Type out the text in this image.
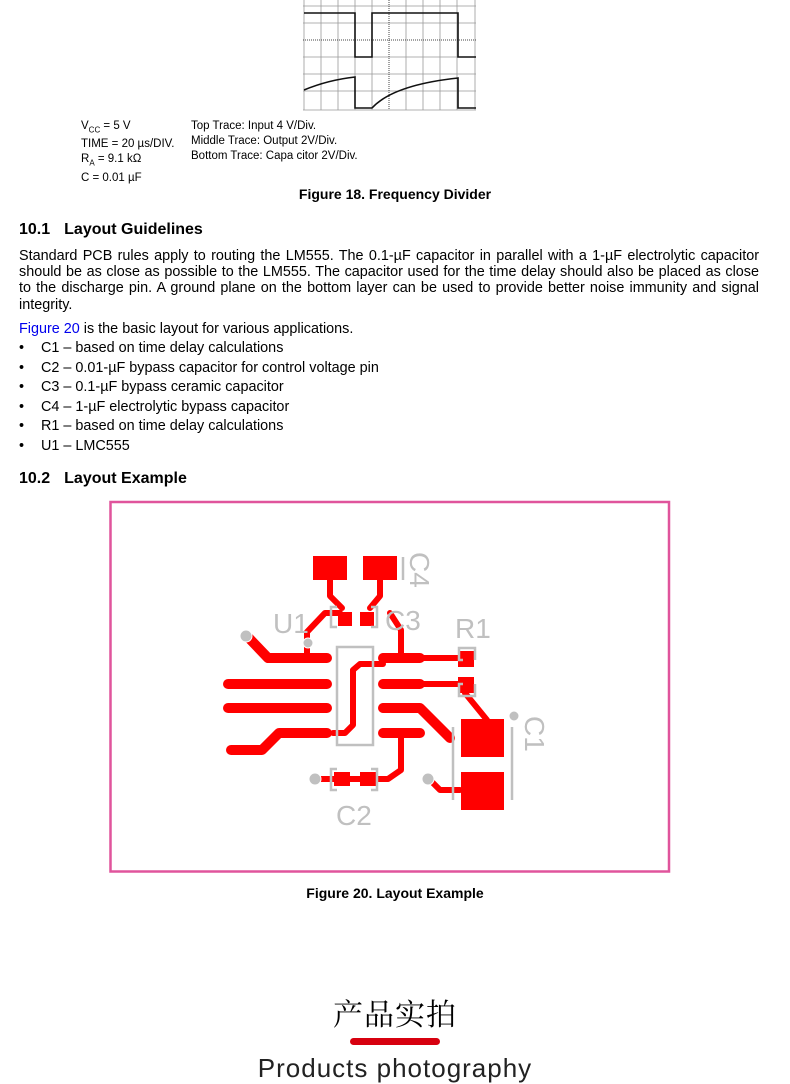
$V_{CC} = 5$ V
TIME = 20 µs/DIV.
$R_A = 9.1$ kΩ
C = 0.01 µF
Top Trace: Input 4 V/Div.
Middle Trace: Output 2V/Div.
Bottom Trace: Capa citor 2V/Div.
Figure 18. Frequency Divider
10.1 Layout Guidelines
Standard PCB rules apply to routing the LM555. The 0.1-µF capacitor in parallel with a 1-µF electrolytic capacitor should be as close as possible to the LM555. The capacitor used for the time delay should also be placed as close to the discharge pin. A ground plane on the bottom layer can be used to provide better noise immunity and signal integrity.
Figure 20 is the basic layout for various applications.
• C1 – based on time delay calculations
• C2 – 0.01-µF bypass capacitor for control voltage pin
• C3 – 0.1-µF bypass ceramic capacitor
• C4 – 1-µF electrolytic bypass capacitor
• R1 – based on time delay calculations
• U1 – LMC555
10.2 Layout Example
U1	C3 R1
C2
C4
C1
Figure 20. Layout Example
产品实拍
Products photography
